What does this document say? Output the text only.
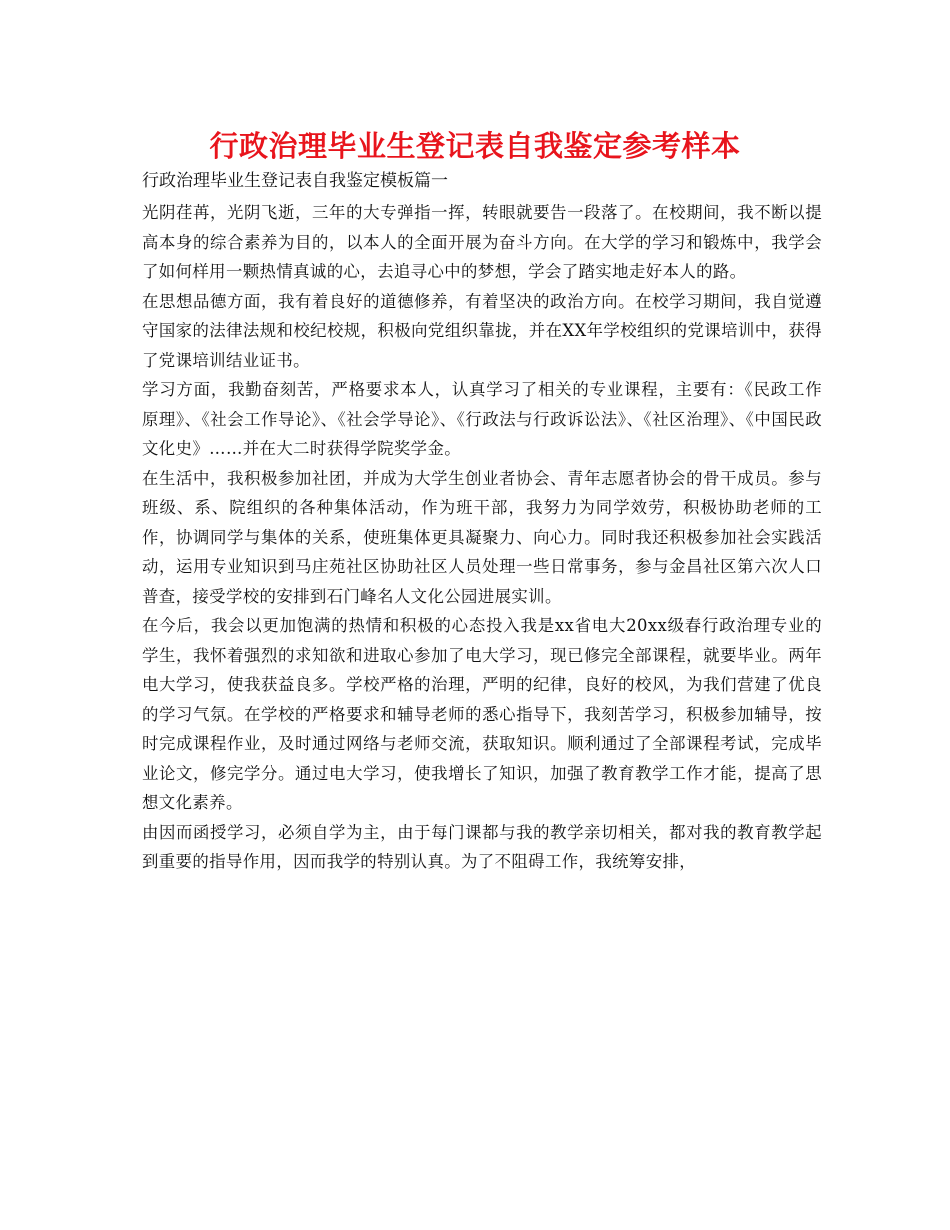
行政治理毕业生登记表自我鉴定参考样本
行政治理毕业生登记表自我鉴定模板篇一

光阴荏苒，光阴飞逝，三年的大专弹指一挥，转眼就要告一段落了。在校期间，我不断以提高本身的综合素养为目的，以本人的全面开展为奋斗方向。在大学的学习和锻炼中，我学会了如何样用一颗热情真诚的心，去追寻心中的梦想，学会了踏实地走好本人的路。

在思想品德方面，我有着良好的道德修养，有着坚决的政治方向。在校学习期间，我自觉遵守国家的法律法规和校纪校规，积极向党组织靠拢，并在XX年学校组织的党课培训中，获得了党课培训结业证书。

学习方面，我勤奋刻苦，严格要求本人，认真学习了相关的专业课程，主要有：《民政工作原理》、《社会工作导论》、《社会学导论》、《行政法与行政诉讼法》、《社区治理》、《中国民政文化史》……并在大二时获得学院奖学金。

在生活中，我积极参加社团，并成为大学生创业者协会、青年志愿者协会的骨干成员。参与班级、系、院组织的各种集体活动，作为班干部，我努力为同学效劳，积极协助老师的工作，协调同学与集体的关系，使班集体更具凝聚力、向心力。同时我还积极参加社会实践活动，运用专业知识到马庄苑社区协助社区人员处理一些日常事务，参与金昌社区第六次人口普查，接受学校的安排到石门峰名人文化公园进展实训。

在今后，我会以更加饱满的热情和积极的心态投入我是xx省电大20xx级春行政治理专业的学生，我怀着强烈的求知欲和进取心参加了电大学习，现已修完全部课程，就要毕业。两年电大学习，使我获益良多。学校严格的治理，严明的纪律，良好的校风，为我们营建了优良的学习气氛。在学校的严格要求和辅导老师的悉心指导下，我刻苦学习，积极参加辅导，按时完成课程作业，及时通过网络与老师交流，获取知识。顺利通过了全部课程考试，完成毕业论文，修完学分。通过电大学习，使我增长了知识，加强了教育教学工作才能，提高了思想文化素养。

由因而函授学习，必须自学为主，由于每门课都与我的教学亲切相关，都对我的教育教学起到重要的指导作用，因而我学的特别认真。为了不阻碍工作，我统筹安排，
